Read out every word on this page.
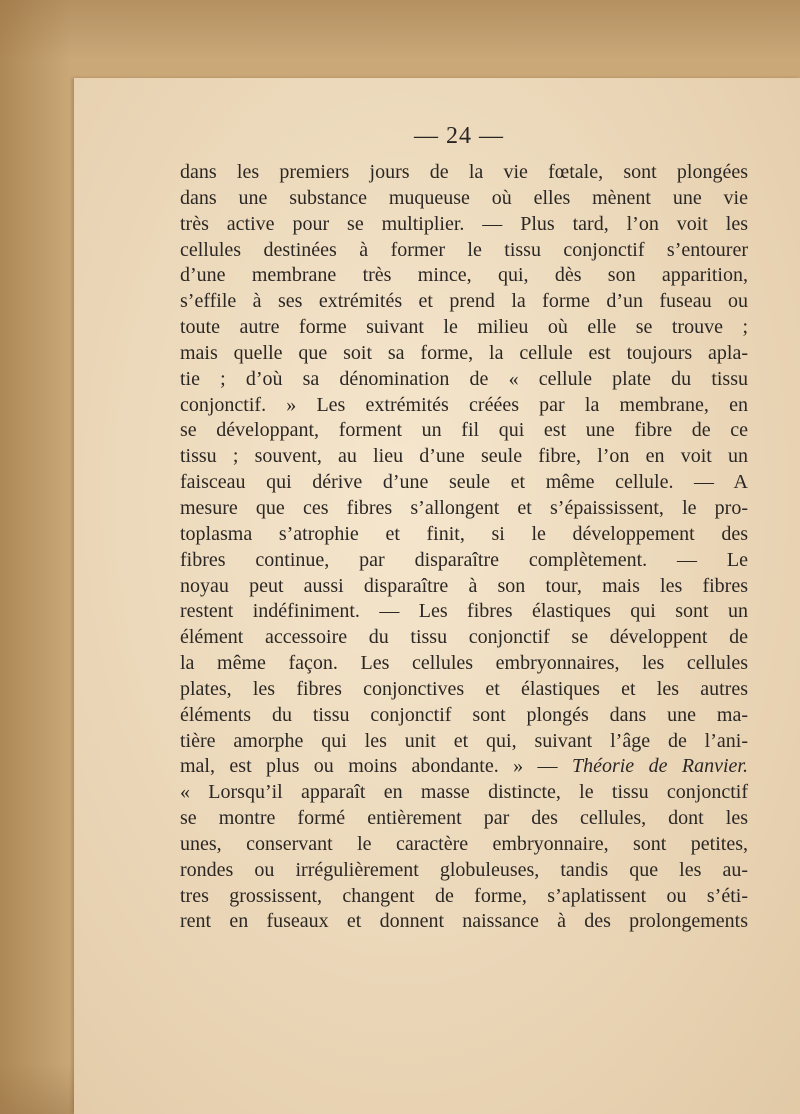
— 24 —
dans les premiers jours de la vie fœtale, sont plongées
dans une substance muqueuse où elles mènent une vie
très active pour se multiplier. — Plus tard, l’on voit les
cellules destinées à former le tissu conjonctif s’entourer
d’une membrane très mince, qui, dès son apparition,
s’effile à ses extrémités et prend la forme d’un fuseau ou
toute autre forme suivant le milieu où elle se trouve ;
mais quelle que soit sa forme, la cellule est toujours apla-
tie ; d’où sa dénomination de « cellule plate du tissu
conjonctif. » Les extrémités créées par la membrane, en
se développant, forment un fil qui est une fibre de ce
tissu ; souvent, au lieu d’une seule fibre, l’on en voit un
faisceau qui dérive d’une seule et même cellule. — A
mesure que ces fibres s’allongent et s’épaississent, le pro-
toplasma s’atrophie et finit, si le développement des
fibres continue, par disparaître complètement. — Le
noyau peut aussi disparaître à son tour, mais les fibres
restent indéfiniment. — Les fibres élastiques qui sont un
élément accessoire du tissu conjonctif se développent de
la même façon. Les cellules embryonnaires, les cellules
plates, les fibres conjonctives et élastiques et les autres
éléments du tissu conjonctif sont plongés dans une ma-
tière amorphe qui les unit et qui, suivant l’âge de l’ani-
mal, est plus ou moins abondante. » — Théorie de Ranvier.
« Lorsqu’il apparaît en masse distincte, le tissu conjonctif
se montre formé entièrement par des cellules, dont les
unes, conservant le caractère embryonnaire, sont petites,
rondes ou irrégulièrement globuleuses, tandis que les au-
tres grossissent, changent de forme, s’aplatissent ou s’éti-
rent en fuseaux et donnent naissance à des prolongements
